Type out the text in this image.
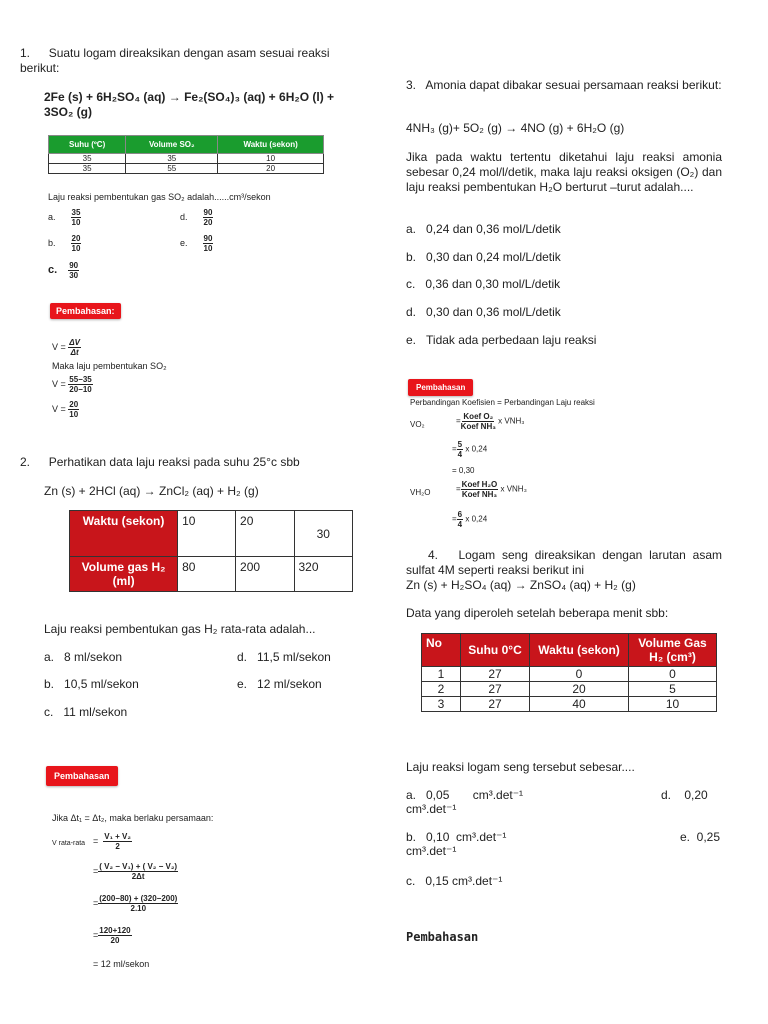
1. Suatu logam direaksikan dengan asam sesuai reaksi berikut:
2Fe (s) + 6H₂SO₄ (aq) → Fe₂(SO₄)₃ (aq) + 6H₂O (l) + 3SO₂ (g)
Suhu (ºC)	Volume SO₂	Waktu (sekon)
35	35	10
35	55	20
Laju reaksi pembentukan gas SO₂ adalah......cm³/sekon
a. $\frac{35}{10}$
b. $\frac{20}{10}$
c. $\frac{90}{30}$
d. $\frac{90}{20}$
e. $\frac{90}{10}$
Pembahasan:
$V = \frac{\Delta V}{\Delta t}$
Maka laju pembentukan SO₂
$V = \frac{55-35}{20-10}$
$V = \frac{20}{10}$
2. Perhatikan data laju reaksi pada suhu 25°c sbb
Zn (s) + 2HCl (aq) → ZnCl₂ (aq) + H₂ (g)
Waktu (sekon)	10	20	30
Volume gas H₂ (ml)	80	200	320
Laju reaksi pembentukan gas H₂ rata-rata adalah...
a. 8 ml/sekon
b. 10,5 ml/sekon
c. 11 ml/sekon
d. 11,5 ml/sekon
e. 12 ml/sekon
Pembahasan
Jika Δt₁ = Δt₂, maka berlaku persamaan:
V rata-rata = $\frac{\text{V₁ + V₂}}{2}$
= $\frac{\text{( V₂ − V₁) + ( V₂ − V₂)}}{2\Delta t}$
= $\frac{(200-80) + (320-200)}{2.10}$
= $\frac{120+120}{20}$
= 12 ml/sekon
3. Amonia dapat dibakar sesuai persamaan reaksi berikut:
4NH₃ (g)+ 5O₂ (g) → 4NO (g) + 6H₂O (g)
Jika pada waktu tertentu diketahui laju reaksi amonia sebesar 0,24 mol/l/detik, maka laju reaksi oksigen (O₂) dan laju reaksi pembentukan H₂O berturut –turut adalah....
a. 0,24 dan 0,36 mol/L/detik
b. 0,30 dan 0,24 mol/L/detik
c. 0,36 dan 0,30 mol/L/detik
d. 0,30 dan 0,36 mol/L/detik
e. Tidak ada perbedaan laju reaksi
Pembahasan
Perbandingan Koefisien = Perbandingan Laju reaksi
VO₂	= $\frac{\text{Koef O₂}}{\text{Koef NH₃}}$ x VNH₃
= $\frac{5}{4}$ x 0,24
= 0,30
VH₂O	= $\frac{\text{Koef H₂O}}{\text{Koef NH₃}}$ x VNH₃
= $\frac{6}{4}$ x 0,24
4. Logam seng direaksikan dengan larutan asam sulfat 4M seperti reaksi berikut ini
Zn (s) + H₂SO₄ (aq) → ZnSO₄ (aq) + H₂ (g)
Data yang diperoleh setelah beberapa menit sbb:
No	Suhu 0°C	Waktu (sekon)	Volume Gas H₂ (cm³)
1	27	0	0
2	27	20	5
3	27	40	10
Laju reaksi logam seng tersebut sebesar....
a.   0,05       cm³.det⁻¹	d.    0,20
cm³.det⁻¹
b.   0,10  cm³.det⁻¹	e.  0,25
cm³.det⁻¹
c.   0,15 cm³.det⁻¹
Pembahasan
